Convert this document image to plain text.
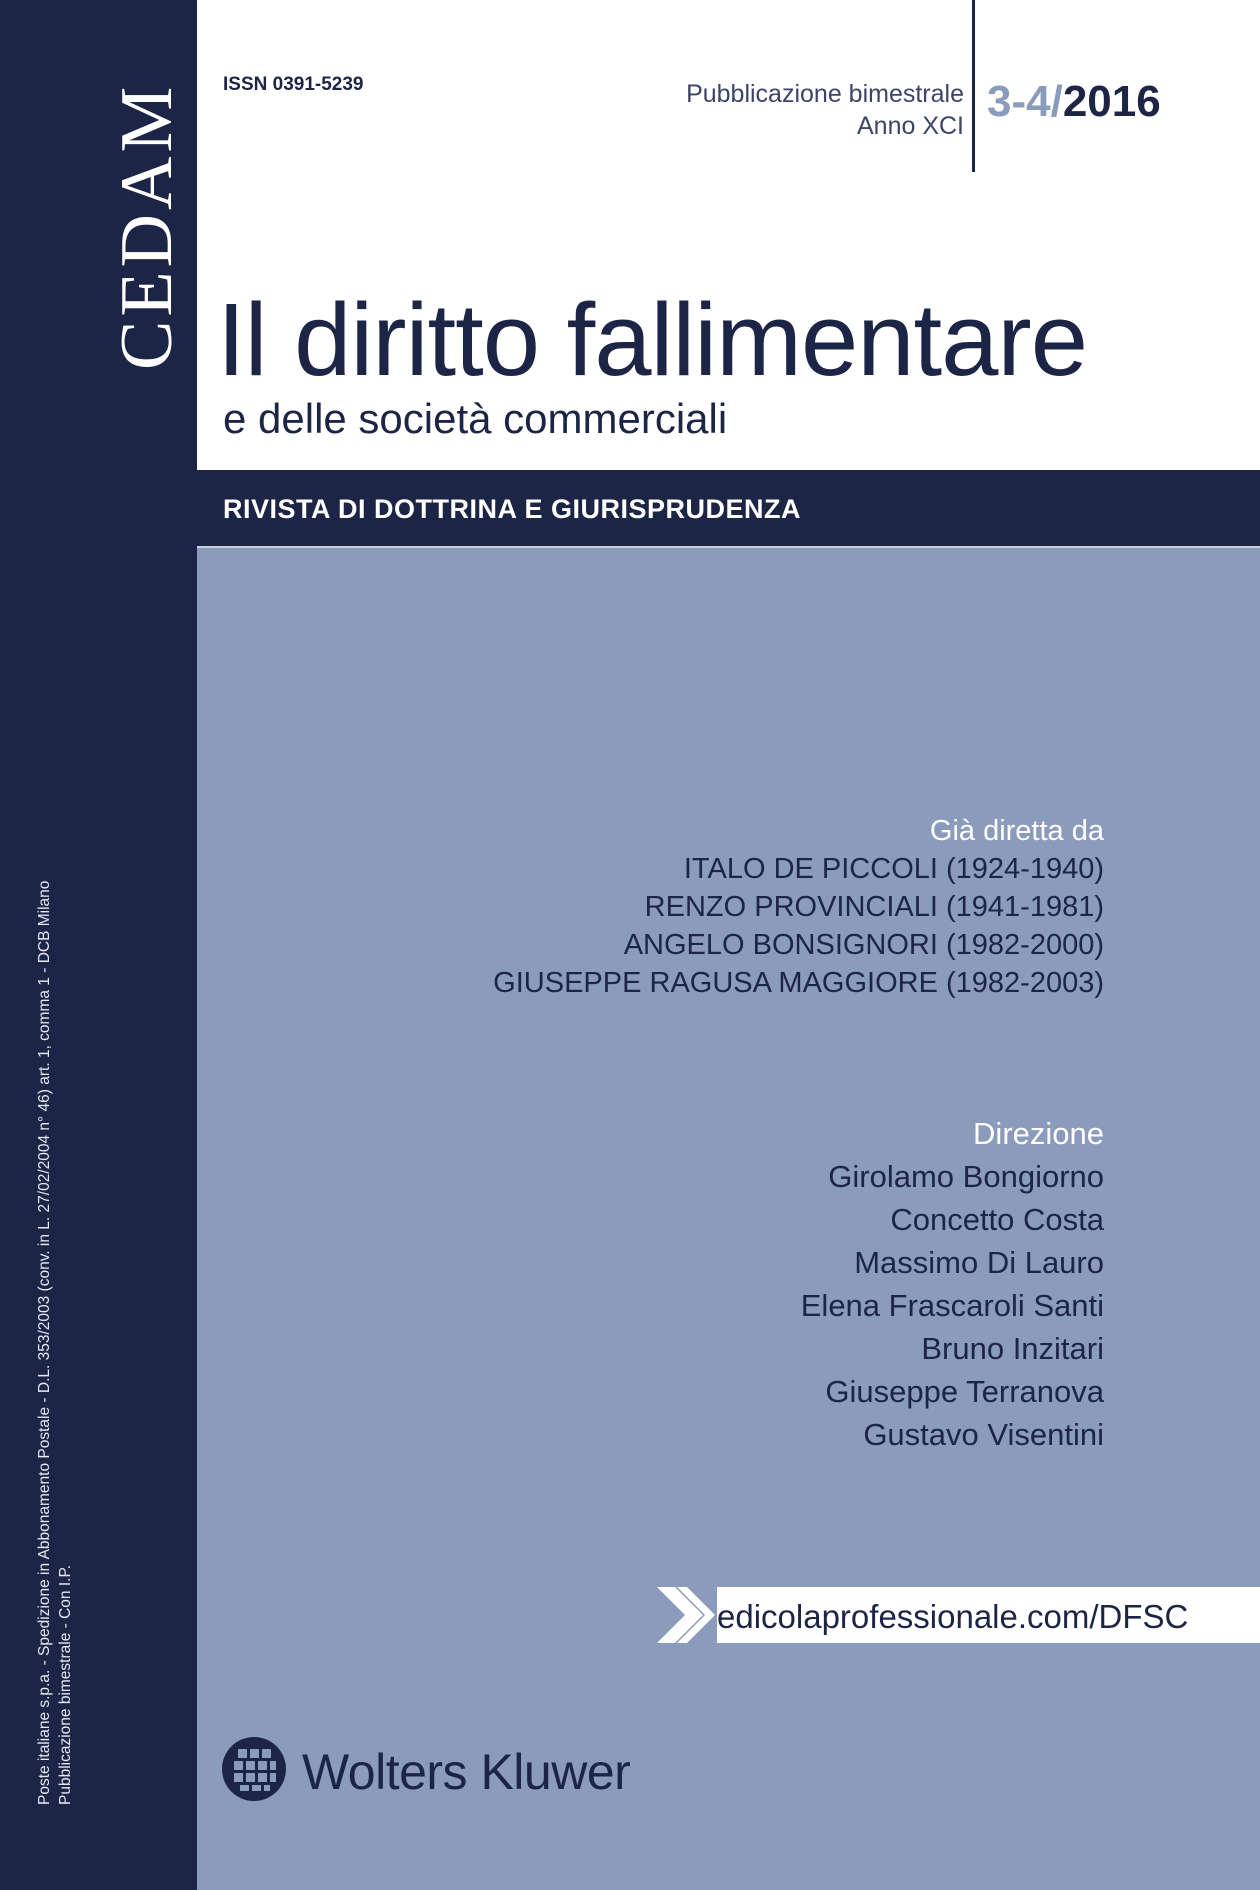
CEDAM
Poste italiane s.p.a. - Spedizione in Abbonamento Postale - D.L. 353/2003 (conv. in L. 27/02/2004 n° 46) art. 1, comma 1 - DCB Milano Pubblicazione bimestrale - Con I.P.
ISSN 0391-5239	Pubblicazione bimestrale
Anno XCI 3-4/2016
Il diritto fallimentare
e delle società commerciali
RIVISTA DI DOTTRINA E GIURISPRUDENZA
Già diretta da
ITALO DE PICCOLI (1924-1940)
RENZO PROVINCIALI (1941-1981)
ANGELO BONSIGNORI (1982-2000)
GIUSEPPE RAGUSA MAGGIORE (1982-2003)
Direzione
Girolamo Bongiorno
Concetto Costa
Massimo Di Lauro
Elena Frascaroli Santi
Bruno Inzitari
Giuseppe Terranova
Gustavo Visentini
edicolaprofessionale.com/DFSC
Wolters Kluwer
